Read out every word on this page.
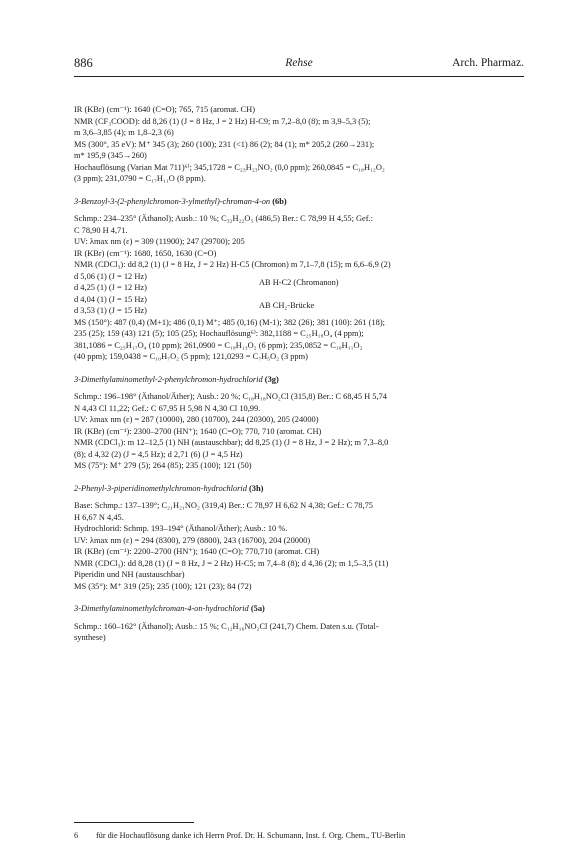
886	Rehse	Arch. Pharmaz.
IR (KBr) (cm⁻¹): 1640 (C=O); 765, 715 (aromat. CH)
NMR (CF₃COOD): dd 8,26 (1) (J = 8 Hz, J = 2 Hz) H-C9; m 7,2–8,0 (8); m 3,9–5,3 (5);
m 3,6–3,85 (4); m 1,8–2,3 (6)
MS (300°, 35 eV): M⁺ 345 (3); 260 (100); 231 (<1) 86 (2); 84 (1); m* 205,2 (260→231);
m* 195,9 (345→260)
Hochauflösung (Varian Mat 711)⁶⁾; 345,1728 = C₂₃H₂₃NO₂ (0,0 ppm); 260,0845 = C₁₈H₁₂O₂
(3 ppm); 231,0790 = C₁₇H₁₁O (8 ppm).
3-Benzoyl-3-(2-phenylchromon-3-ylmethyl)-chroman-4-on (6b)
Schmp.: 234–235° (Äthanol); Ausb.: 10 %; C₃₂H₂₂O₅ (486,5) Ber.: C 78,99 H 4,55; Gef.:
C 78,90 H 4,71.
UV: λmax nm (ε) = 309 (11900); 247 (29700); 205
IR (KBr) (cm⁻¹): 1680, 1650, 1630 (C=O)
NMR (CDCl₃): dd 8,2 (1) (J = 8 Hz, J = 2 Hz) H-C5 (Chromon) m 7,1–7,8 (15); m 6,6–6,9 (2)
d 5,06 (1) (J = 12 Hz)
d 4,25 (1) (J = 12 Hz)
AB H-C2 (Chromanon)
d 4,04 (1) (J = 15 Hz)
d 3,53 (1) (J = 15 Hz)
AB CH₂-Brücke
MS (150°): 487 (0,4) (M+1); 486 (0,1) M⁺; 485 (0,16) (M-1); 382 (26); 381 (100): 261 (18);
235 (25); 159 (43) 121 (5); 105 (25); Hochauflösung⁶⁾: 382,1188 = C₂₅H₁₈O₄ (4 ppm);
381,1086 = C₂₅H₁₇O₄ (10 ppm); 261,0900 = C₁₈H₁₃O₂ (6 ppm); 235,0852 = C₁₆H₁₁O₂
(40 ppm); 159,0438 = C₁₀H₇O₂ (5 ppm); 121,0293 = C₇H₅O₂ (3 ppm)
3-Dimethylaminomethyl-2-phenylchromon-hydrochlorid (3g)
Schmp.: 196–198° (Äthanol/Äther); Ausb.: 20 %; C₁₈H₁₈NO₂Cl (315,8) Ber.: C 68,45 H 5,74
N 4,43 Cl 11,22; Gef.: C 67,95 H 5,98 N 4,30 Cl 10,99.
UV: λmax nm (ε) = 287 (10000), 280 (10700), 244 (20300), 205 (24000)
IR (KBr) (cm⁻¹): 2300–2700 (HN⁺); 1640 (C=O); 770, 710 (aromat. CH)
NMR (CDCl₃): m 12–12,5 (1) NH (austauschbar); dd 8,25 (1) (J = 8 Hz, J = 2 Hz); m 7,3–8,0
(8); d 4,32 (2) (J = 4,5 Hz); d 2,71 (6) (J = 4,5 Hz)
MS (75°): M⁺ 279 (5); 264 (85); 235 (100); 121 (50)
2-Phenyl-3-piperidinomethylchromon-hydrochlorid (3h)
Base: Schmp.: 137–139°; C₂₁H₂₁NO₂ (319,4) Ber.: C 78,97 H 6,62 N 4,38; Gef.: C 78,75
H 6,67 N 4,45.
Hydrochlorid: Schmp. 193–194° (Äthanol/Äther); Ausb.: 10 %.
UV: λmax nm (ε) = 294 (8300), 279 (8800), 243 (16700), 204 (20000)
IR (KBr) (cm⁻¹): 2200–2700 (HN⁺); 1640 (C=O); 770,710 (aromat. CH)
NMR (CDCl₃): dd 8,28 (1) (J = 8 Hz, J = 2 Hz) H-C5; m 7,4–8 (8); d 4,36 (2); m 1,5–3,5 (11)
Piperidin und NH (austauschbar)
MS (35°): M⁺ 319 (25); 235 (100); 121 (23); 84 (72)
3-Dimethylaminomethylchroman-4-on-hydrochlorid (5a)
Schmp.: 160–162° (Äthanol); Ausb.: 15 %; C₁₂H₁₆NO₂Cl (241,7) Chem. Daten s.u. (Total-
synthese)
6 für die Hochauflösung danke ich Herrn Prof. Dr. H. Schumann, Inst. f. Org. Chem., TU-Berlin
